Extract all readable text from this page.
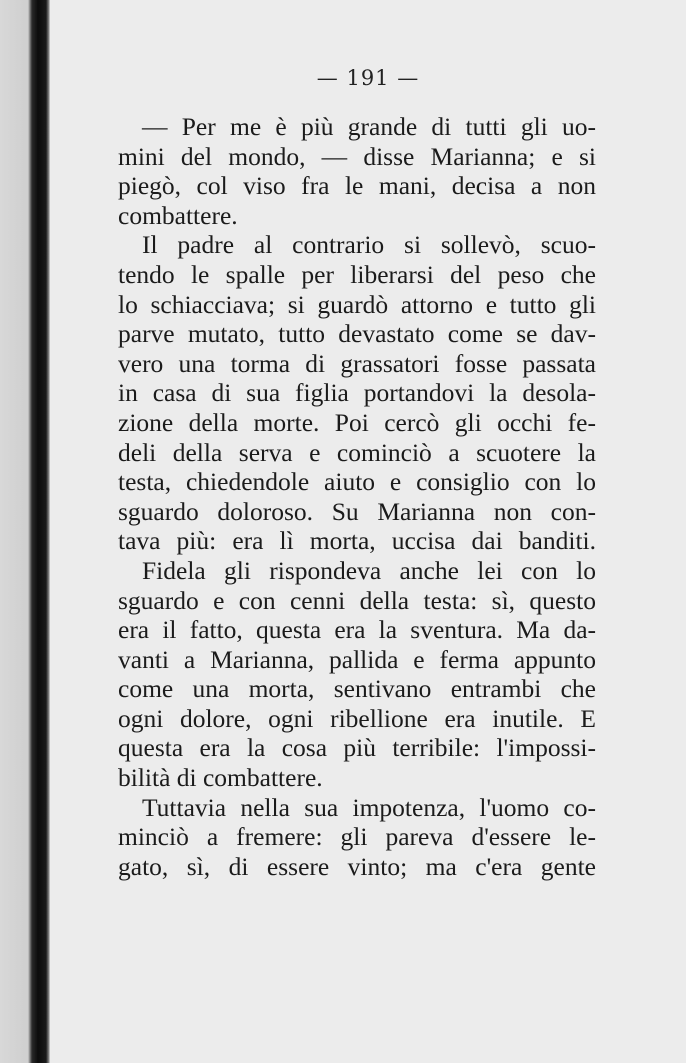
— 191 —
— Per me è più grande di tutti gli uo-
mini del mondo, — disse Marianna; e si
piegò, col viso fra le mani, decisa a non
combattere.
Il padre al contrario si sollevò, scuo-
tendo le spalle per liberarsi del peso che
lo schiacciava; si guardò attorno e tutto gli
parve mutato, tutto devastato come se dav-
vero una torma di grassatori fosse passata
in casa di sua figlia portandovi la desola-
zione della morte. Poi cercò gli occhi fe-
deli della serva e cominciò a scuotere la
testa, chiedendole aiuto e consiglio con lo
sguardo doloroso. Su Marianna non con-
tava più: era lì morta, uccisa dai banditi.
Fidela gli rispondeva anche lei con lo
sguardo e con cenni della testa: sì, questo
era il fatto, questa era la sventura. Ma da-
vanti a Marianna, pallida e ferma appunto
come una morta, sentivano entrambi che
ogni dolore, ogni ribellione era inutile. E
questa era la cosa più terribile: l'impossi-
bilità di combattere.
Tuttavia nella sua impotenza, l'uomo co-
minciò a fremere: gli pareva d'essere le-
gato, sì, di essere vinto; ma c'era gente
